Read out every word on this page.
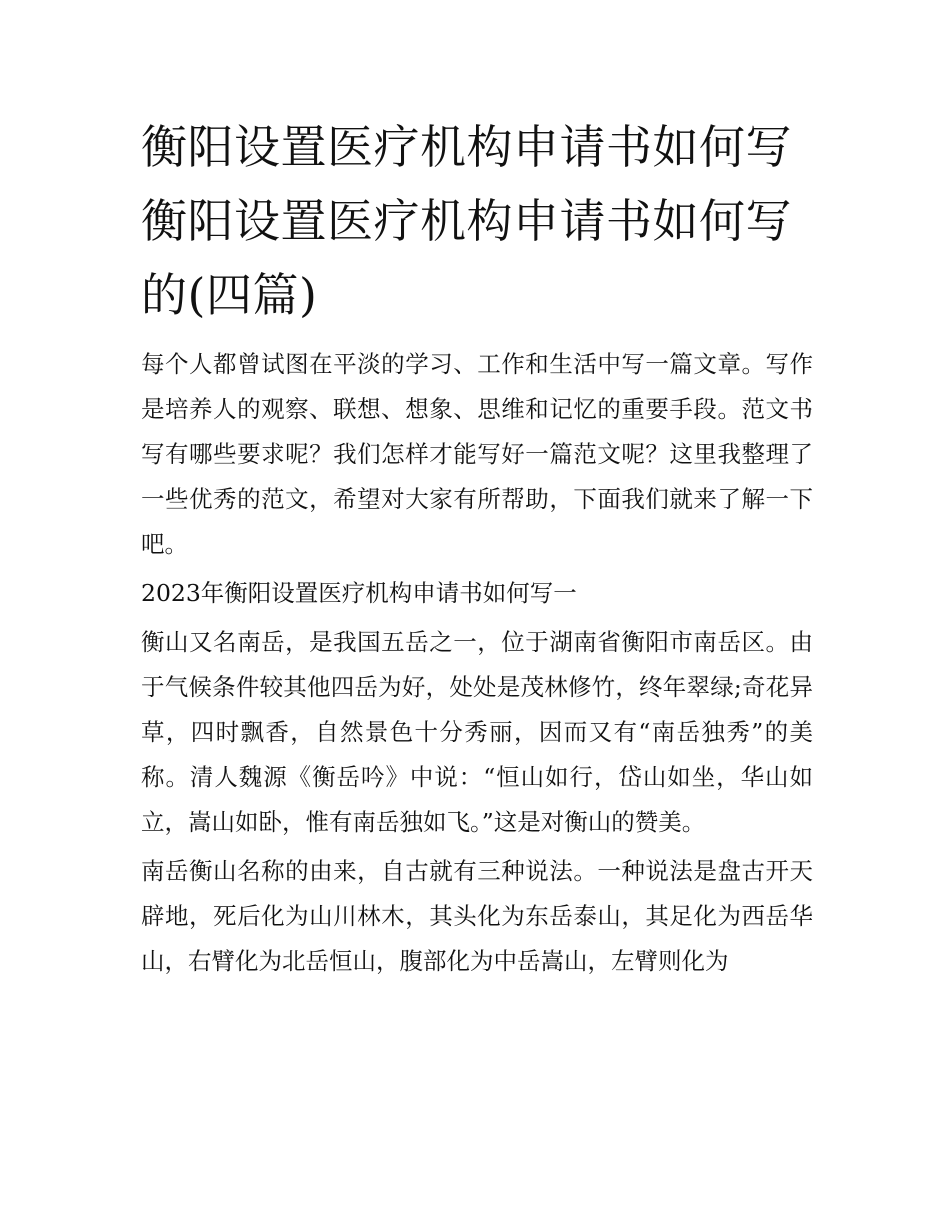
衡阳设置医疗机构申请书如何写 衡阳设置医疗机构申请书如何写的(四篇)

每个人都曾试图在平淡的学习、工作和生活中写一篇文章。写作是培养人的观察、联想、想象、思维和记忆的重要手段。范文书写有哪些要求呢？我们怎样才能写好一篇范文呢？这里我整理了一些优秀的范文，希望对大家有所帮助，下面我们就来了解一下吧。

2023年衡阳设置医疗机构申请书如何写一

衡山又名南岳，是我国五岳之一，位于湖南省衡阳市南岳区。由于气候条件较其他四岳为好，处处是茂林修竹，终年翠绿;奇花异草，四时飘香，自然景色十分秀丽，因而又有“南岳独秀”的美称。清人魏源《衡岳吟》中说：“恒山如行，岱山如坐，华山如立，嵩山如卧，惟有南岳独如飞。”这是对衡山的赞美。

南岳衡山名称的由来，自古就有三种说法。一种说法是盘古开天辟地，死后化为山川林木，其头化为东岳泰山，其足化为西岳华山，右臂化为北岳恒山，腹部化为中岳嵩山，左臂则化为
